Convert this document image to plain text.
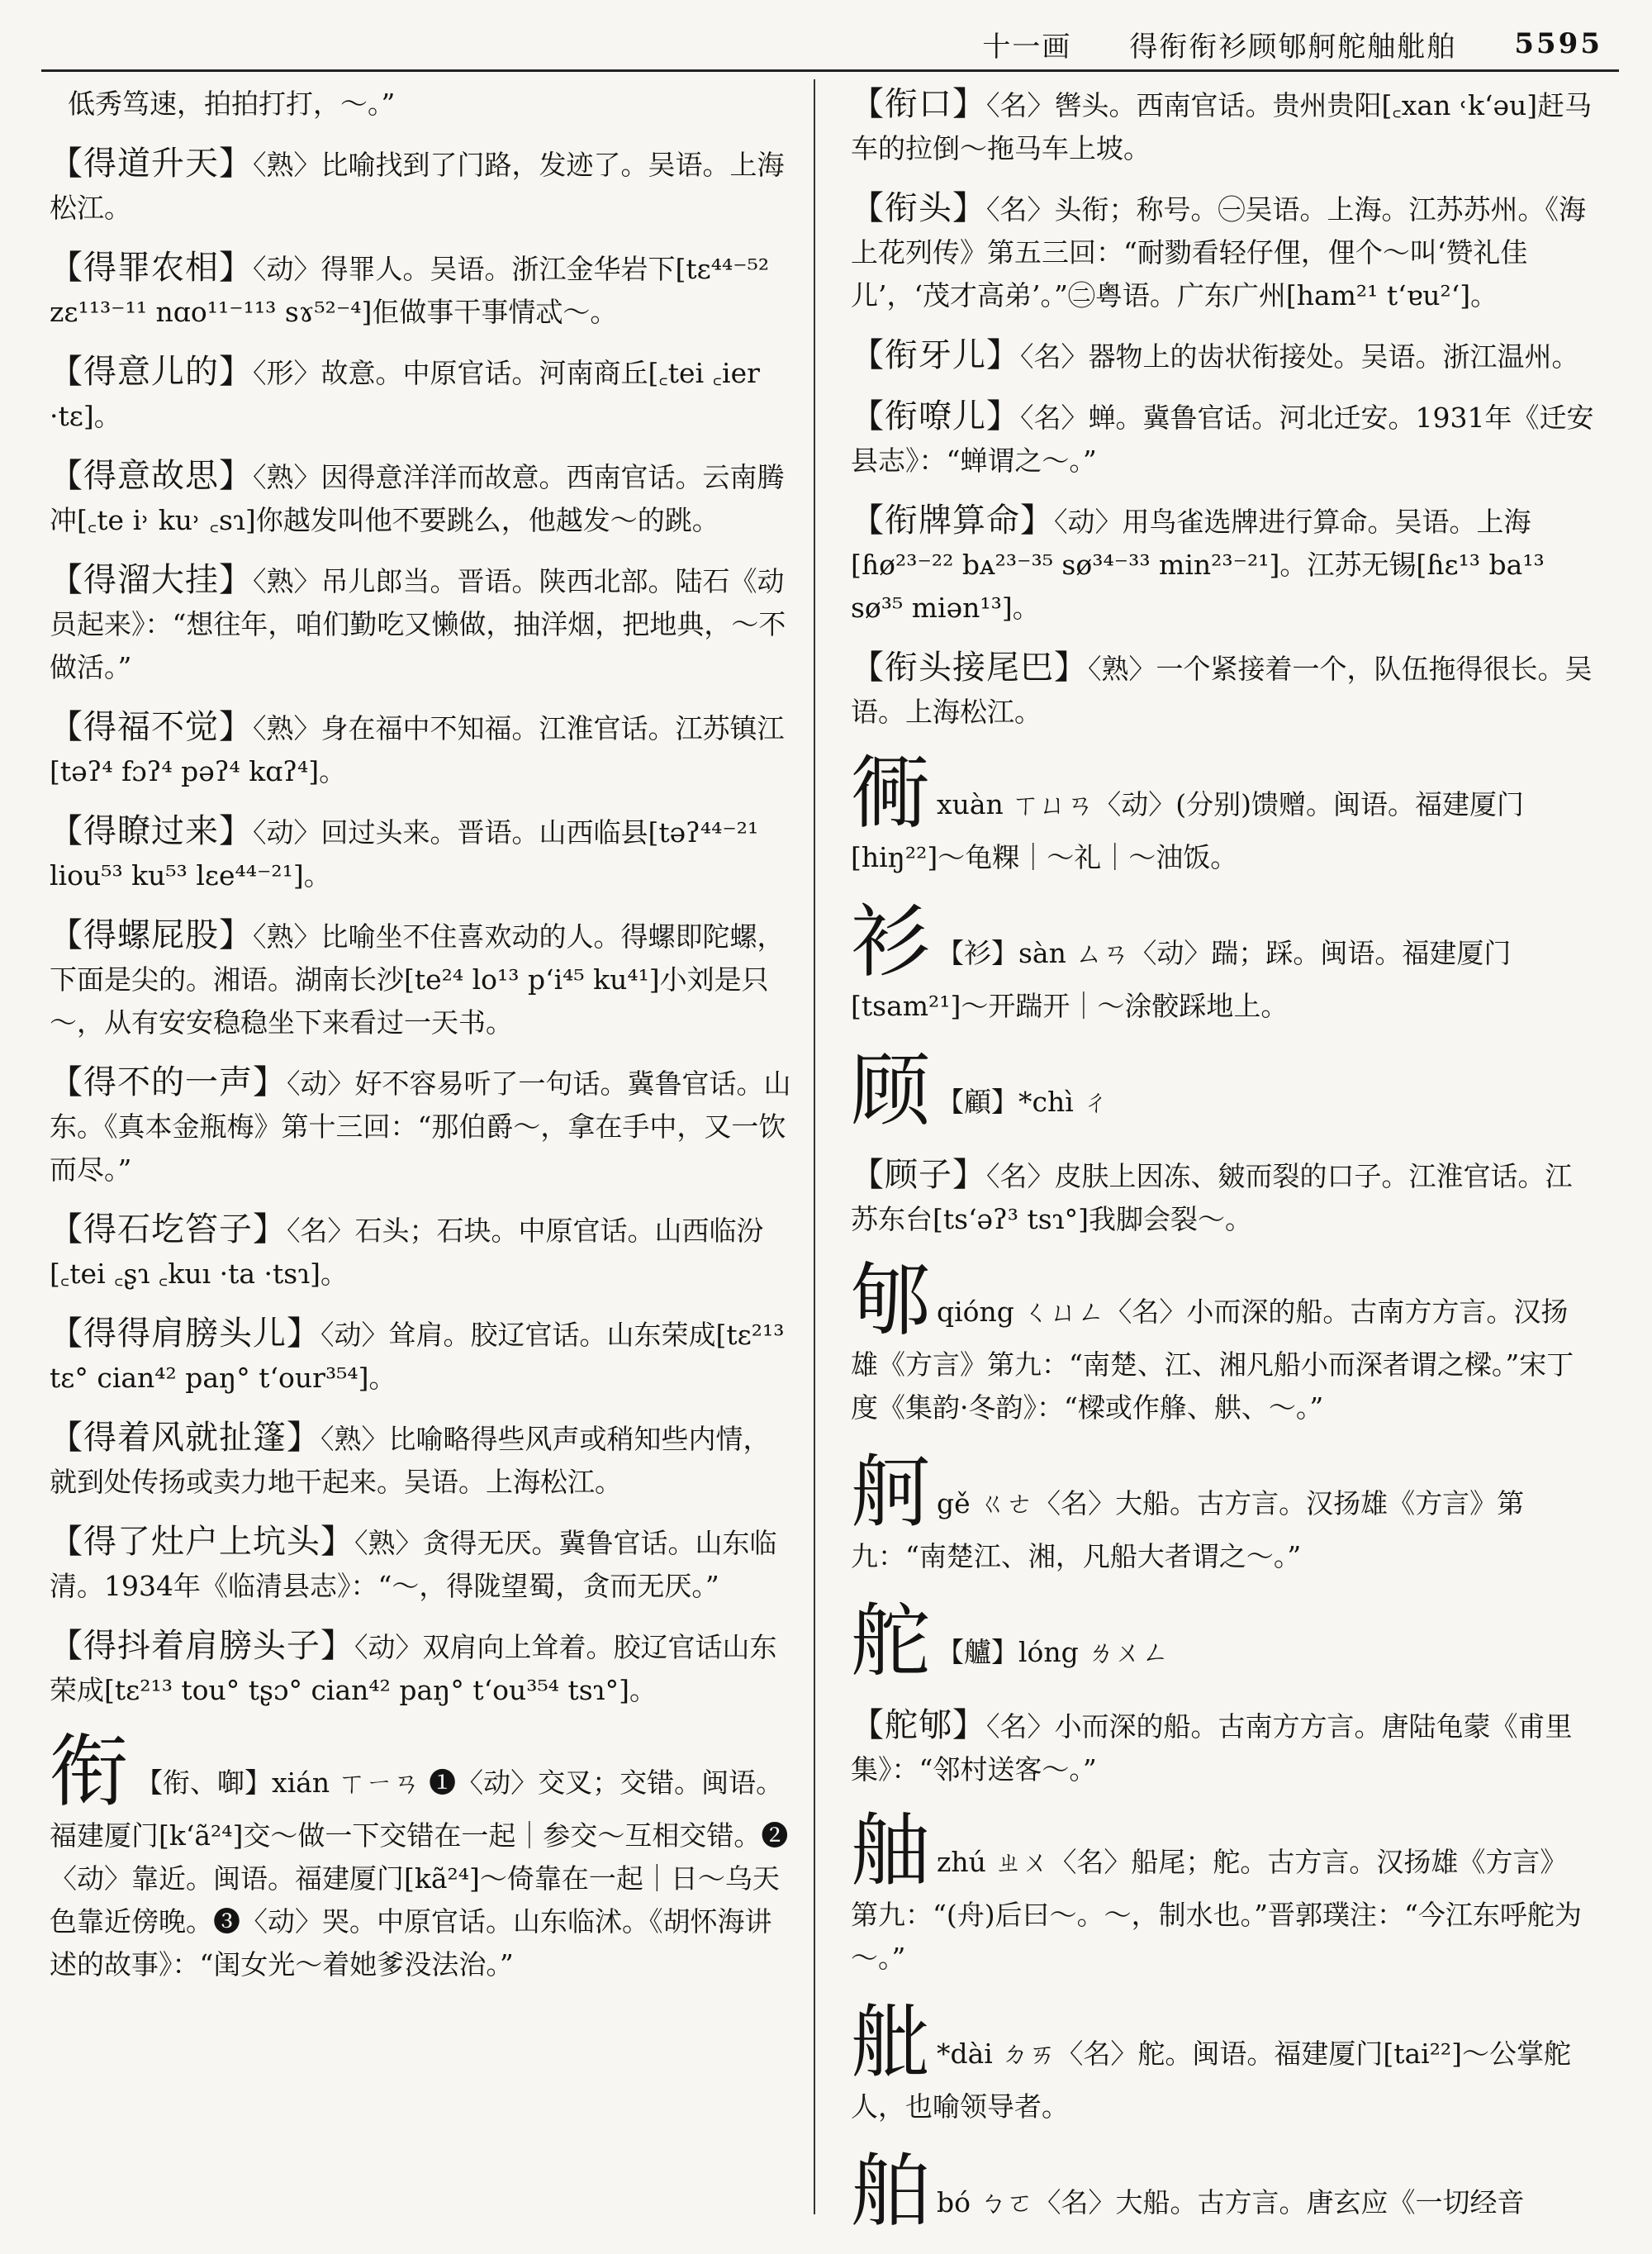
十一画 得衔衔衫顾郇舸舵舳舭舶 5595
低秀笃速，拍拍打打，～。”
【得道升天】〈熟〉比喻找到了门路，发迹了。吴语。上海松江。
【得罪农相】〈动〉得罪人。吴语。浙江金华岩下[tɛ⁴⁴⁻⁵² zɛ¹¹³⁻¹¹ nɑo¹¹⁻¹¹³ sɤ⁵²⁻⁴]佢做事干事情忒～。
【得意儿的】〈形〉故意。中原官话。河南商丘[꜀tei ꜀ier ·tɛ]。
【得意故思】〈熟〉因得意洋洋而故意。西南官话。云南腾冲[꜀te i˒ ku˒ ꜀sɿ]你越发叫他不要跳么，他越发～的跳。
【得溜大挂】〈熟〉吊儿郎当。晋语。陕西北部。陆石《动员起来》：“想往年，咱们勤吃又懒做，抽洋烟，把地典，～不做活。”
【得福不觉】〈熟〉身在福中不知福。江淮官话。江苏镇江[təʔ⁴ fɔʔ⁴ pəʔ⁴ kɑʔ⁴]。
【得瞭过来】〈动〉回过头来。晋语。山西临县[təʔ⁴⁴⁻²¹ liou⁵³ ku⁵³ lɛe⁴⁴⁻²¹]。
【得螺屁股】〈熟〉比喻坐不住喜欢动的人。得螺即陀螺，下面是尖的。湘语。湖南长沙[te²⁴ lo¹³ p‘i⁴⁵ ku⁴¹]小刘是只～，从有安安稳稳坐下来看过一天书。
【得不的一声】〈动〉好不容易听了一句话。冀鲁官话。山东。《真本金瓶梅》第十三回：“那伯爵～，拿在手中，又一饮而尽。”
【得石圪笞子】〈名〉石头；石块。中原官话。山西临汾[꜀tei ꜀ʂɿ ꜀kuı ·ta ·tsɿ]。
【得得肩膀头儿】〈动〉耸肩。胶辽官话。山东荣成[tɛ²¹³ tɛ° cian⁴² paŋ° t‘our³⁵⁴]。
【得着风就扯篷】〈熟〉比喻略得些风声或稍知些内情，就到处传扬或卖力地干起来。吴语。上海松江。
【得了灶户上坑头】〈熟〉贪得无厌。冀鲁官话。山东临清。1934年《临清县志》：“～，得陇望蜀，贪而无厌。”
【得抖着肩膀头子】〈动〉双肩向上耸着。胶辽官话山东荣成[tɛ²¹³ tou° tʂɔ° cian⁴² paŋ° t‘ou³⁵⁴ tsɿ°]。
衔 【衔、啣】xián ㄒㄧㄢ ❶〈动〉交叉；交错。闽语。福建厦门[k‘ã²⁴]交～做一下交错在一起｜参交～互相交错。❷〈动〉靠近。闽语。福建厦门[kã²⁴]～倚靠在一起｜日～乌天色靠近傍晚。❸〈动〉哭。中原官话。山东临沭。《胡怀海讲述的故事》：“闺女光～着她爹没法治。”
【衔口】〈名〉辔头。西南官话。贵州贵阳[꜀xan ˓k‘əu]赶马车的拉倒～拖马车上坡。
【衔头】〈名〉头衔；称号。㊀吴语。上海。江苏苏州。《海上花列传》第五三回：“耐勠看轻仔俚，俚个～叫‘赞礼佳儿’，‘茂才高弟’。”㊁粤语。广东广州[ham²¹ t‘ɐu²‘]。
【衔牙儿】〈名〉器物上的齿状衔接处。吴语。浙江温州。
【衔嘹儿】〈名〉蝉。冀鲁官话。河北迁安。1931年《迁安县志》：“蝉谓之～。”
【衔牌算命】〈动〉用鸟雀选牌进行算命。吴语。上海[ɦø²³⁻²² bᴀ²³⁻³⁵ sø³⁴⁻³³ min²³⁻²¹]。江苏无锡[ɦɛ¹³ ba¹³ sø³⁵ miən¹³]。
【衔头接尾巴】〈熟〉一个紧接着一个，队伍拖得很长。吴语。上海松江。
衕xuàn ㄒㄩㄢ〈动〉(分别)馈赠。闽语。福建厦门[hiŋ²²]～龟粿｜～礼｜～油饭。
衫 【衫】sàn ㄙㄢ〈动〉踹；踩。闽语。福建厦门[tsam²¹]～开踹开｜～涂骹踩地上。
顾 【顧】*chì ㄔ
【顾子】〈名〉皮肤上因冻、皴而裂的口子。江淮官话。江苏东台[ts‘əʔ³ tsɿ°]我脚会裂～。
郇qióng ㄑㄩㄥ〈名〉小而深的船。古南方方言。汉扬雄《方言》第九：“南楚、江、湘凡船小而深者谓之樑。”宋丁度《集韵·冬韵》：“樑或作艂、舼、～。”
舸gě ㄍㄜ〈名〉大船。古方言。汉扬雄《方言》第九：“南楚江、湘，凡船大者谓之～。”
舵 【艫】lóng ㄌㄨㄥ
【舵郇】〈名〉小而深的船。古南方方言。唐陆龟蒙《甫里集》：“邻村送客～。”
舳zhú ㄓㄨ〈名〉船尾；舵。古方言。汉扬雄《方言》第九：“(舟)后曰～。～，制水也。”晋郭璞注：“今江东呼舵为～。”
舭 *dài ㄉㄞ〈名〉舵。闽语。福建厦门[tai²²]～公掌舵人，也喻领导者。
舶bó ㄅㄛ〈名〉大船。古方言。唐玄应《一切经音
